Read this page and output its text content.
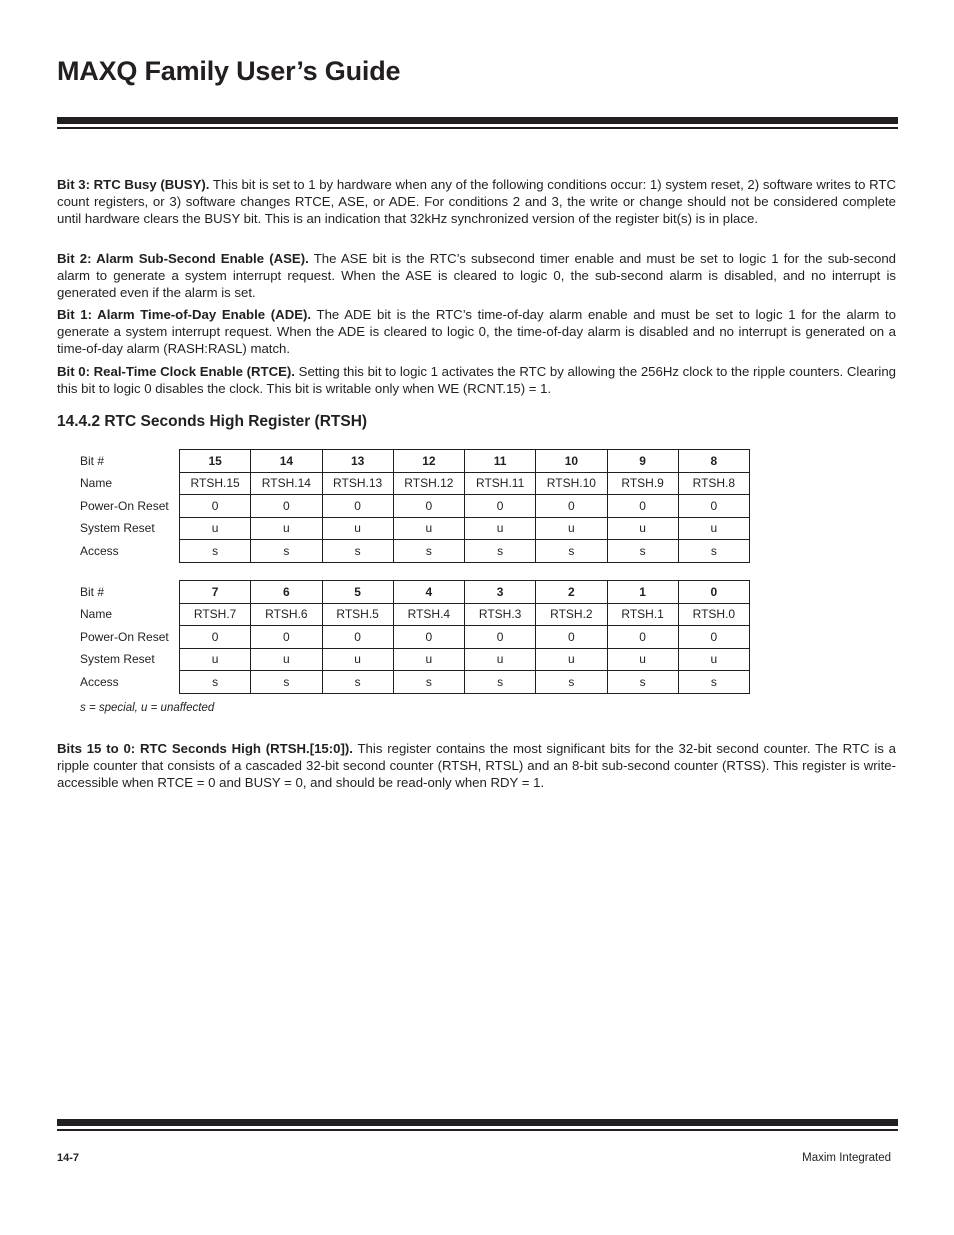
MAXQ Family User’s Guide

Bit 3: RTC Busy (BUSY). This bit is set to 1 by hardware when any of the following conditions occur: 1) system reset, 2) software writes to RTC count registers, or 3) software changes RTCE, ASE, or ADE. For conditions 2 and 3, the write or change should not be considered complete until hardware clears the BUSY bit. This is an indication that 32kHz synchronized version of the register bit(s) is in place.

Bit 2: Alarm Sub-Second Enable (ASE). The ASE bit is the RTC’s subsecond timer enable and must be set to logic 1 for the sub-second alarm to generate a system interrupt request. When the ASE is cleared to logic 0, the sub-second alarm is disabled, and no interrupt is generated even if the alarm is set.

Bit 1: Alarm Time-of-Day Enable (ADE). The ADE bit is the RTC’s time-of-day alarm enable and must be set to logic 1 for the alarm to generate a system interrupt request. When the ADE is cleared to logic 0, the time-of-day alarm is disabled and no interrupt is generated on a time-of-day alarm (RASH:RASL) match.

Bit 0: Real-Time Clock Enable (RTCE). Setting this bit to logic 1 activates the RTC by allowing the 256Hz clock to the ripple counters. Clearing this bit to logic 0 disables the clock. This bit is writable only when WE (RCNT.15) = 1.

14.4.2 RTC Seconds High Register (RTSH)
Bit #	15	14	13	12	11	10	9	8
Name	RTSH.15	RTSH.14	RTSH.13	RTSH.12	RTSH.11	RTSH.10	RTSH.9	RTSH.8
Power-On Reset	0	0	0	0	0	0	0	0
System Reset	u	u	u	u	u	u	u	u
Access	s	s	s	s	s	s	s	s
Bit #	7	6	5	4	3	2	1	0
Name	RTSH.7	RTSH.6	RTSH.5	RTSH.4	RTSH.3	RTSH.2	RTSH.1	RTSH.0
Power-On Reset	0	0	0	0	0	0	0	0
System Reset	u	u	u	u	u	u	u	u
Access	s	s	s	s	s	s	s	s

s = special, u = unaffected

Bits 15 to 0: RTC Seconds High (RTSH.[15:0]). This register contains the most significant bits for the 32-bit second counter. The RTC is a ripple counter that consists of a cascaded 32-bit second counter (RTSH, RTSL) and an 8-bit sub-second counter (RTSS). This register is write-accessible when RTCE = 0 and BUSY = 0, and should be read-only when RDY = 1.

14-7	Maxim Integrated
